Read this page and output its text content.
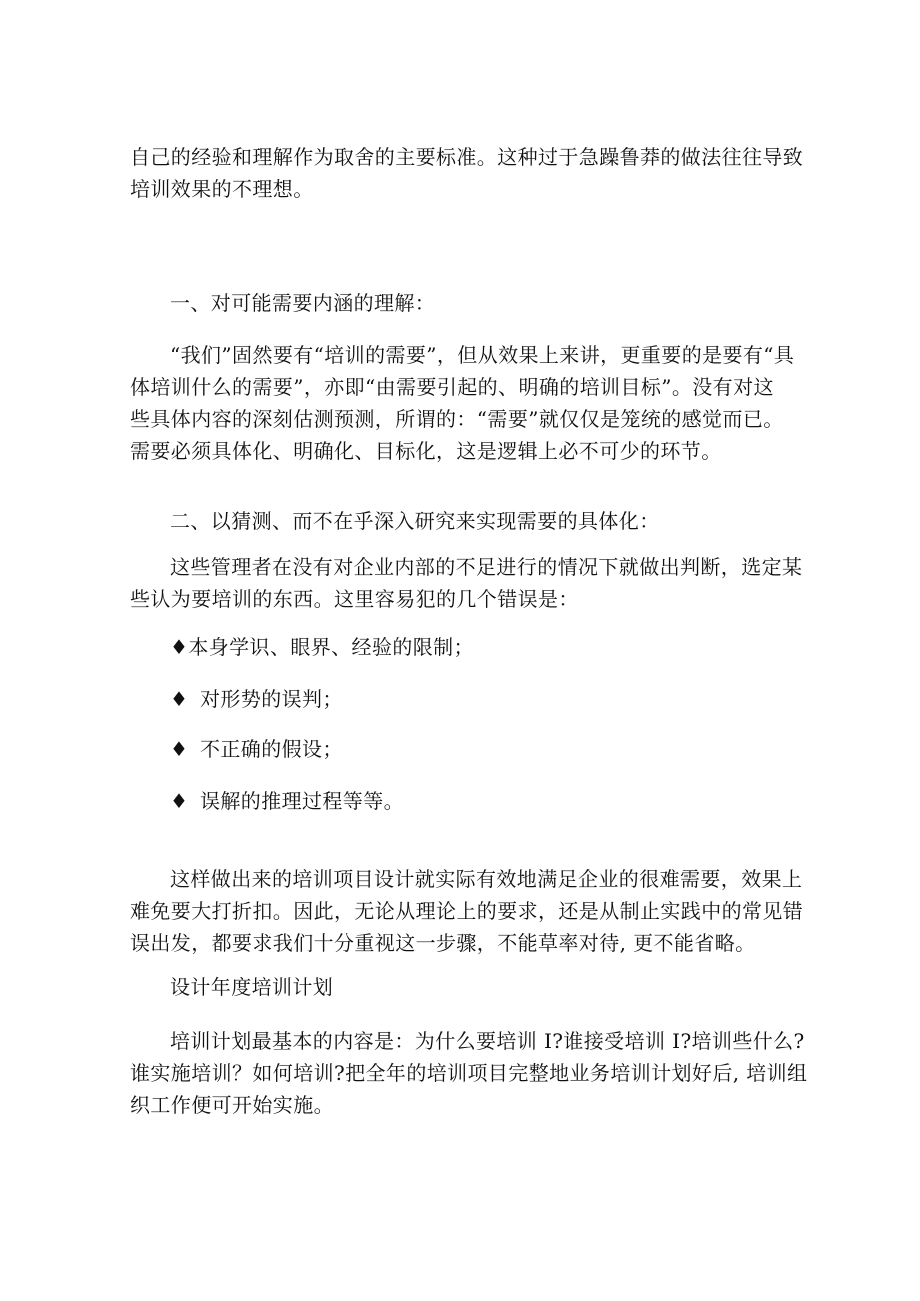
自己的经验和理解作为取舍的主要标准。这种过于急躁鲁莽的做法往往导致
培训效果的不理想。
一、对可能需要内涵的理解：
“我们”固然要有“培训的需要”，但从效果上来讲，更重要的是要有“具
体培训什么的需要”，亦即“由需要引起的、明确的培训目标”。没有对这
些具体内容的深刻估测预测，所谓的：“需要”就仅仅是笼统的感觉而已。
需要必须具体化、明确化、目标化，这是逻辑上必不可少的环节。
二、以猜测、而不在乎深入研究来实现需要的具体化：
这些管理者在没有对企业内部的不足进行的情况下就做出判断，选定某
些认为要培训的东西。这里容易犯的几个错误是：
♦本身学识、眼界、经验的限制；
♦ 对形势的误判；
♦ 不正确的假设；
♦ 误解的推理过程等等。
这样做出来的培训项目设计就实际有效地满足企业的很难需要，效果上
难免要大打折扣。因此，无论从理论上的要求，还是从制止实践中的常见错
误出发，都要求我们十分重视这一步骤，不能草率对待, 更不能省略。
设计年度培训计划
培训计划最基本的内容是：为什么要培训 I?谁接受培训 I?培训些什么?
谁实施培训？如何培训?把全年的培训项目完整地业务培训计划好后, 培训组
织工作便可开始实施。
